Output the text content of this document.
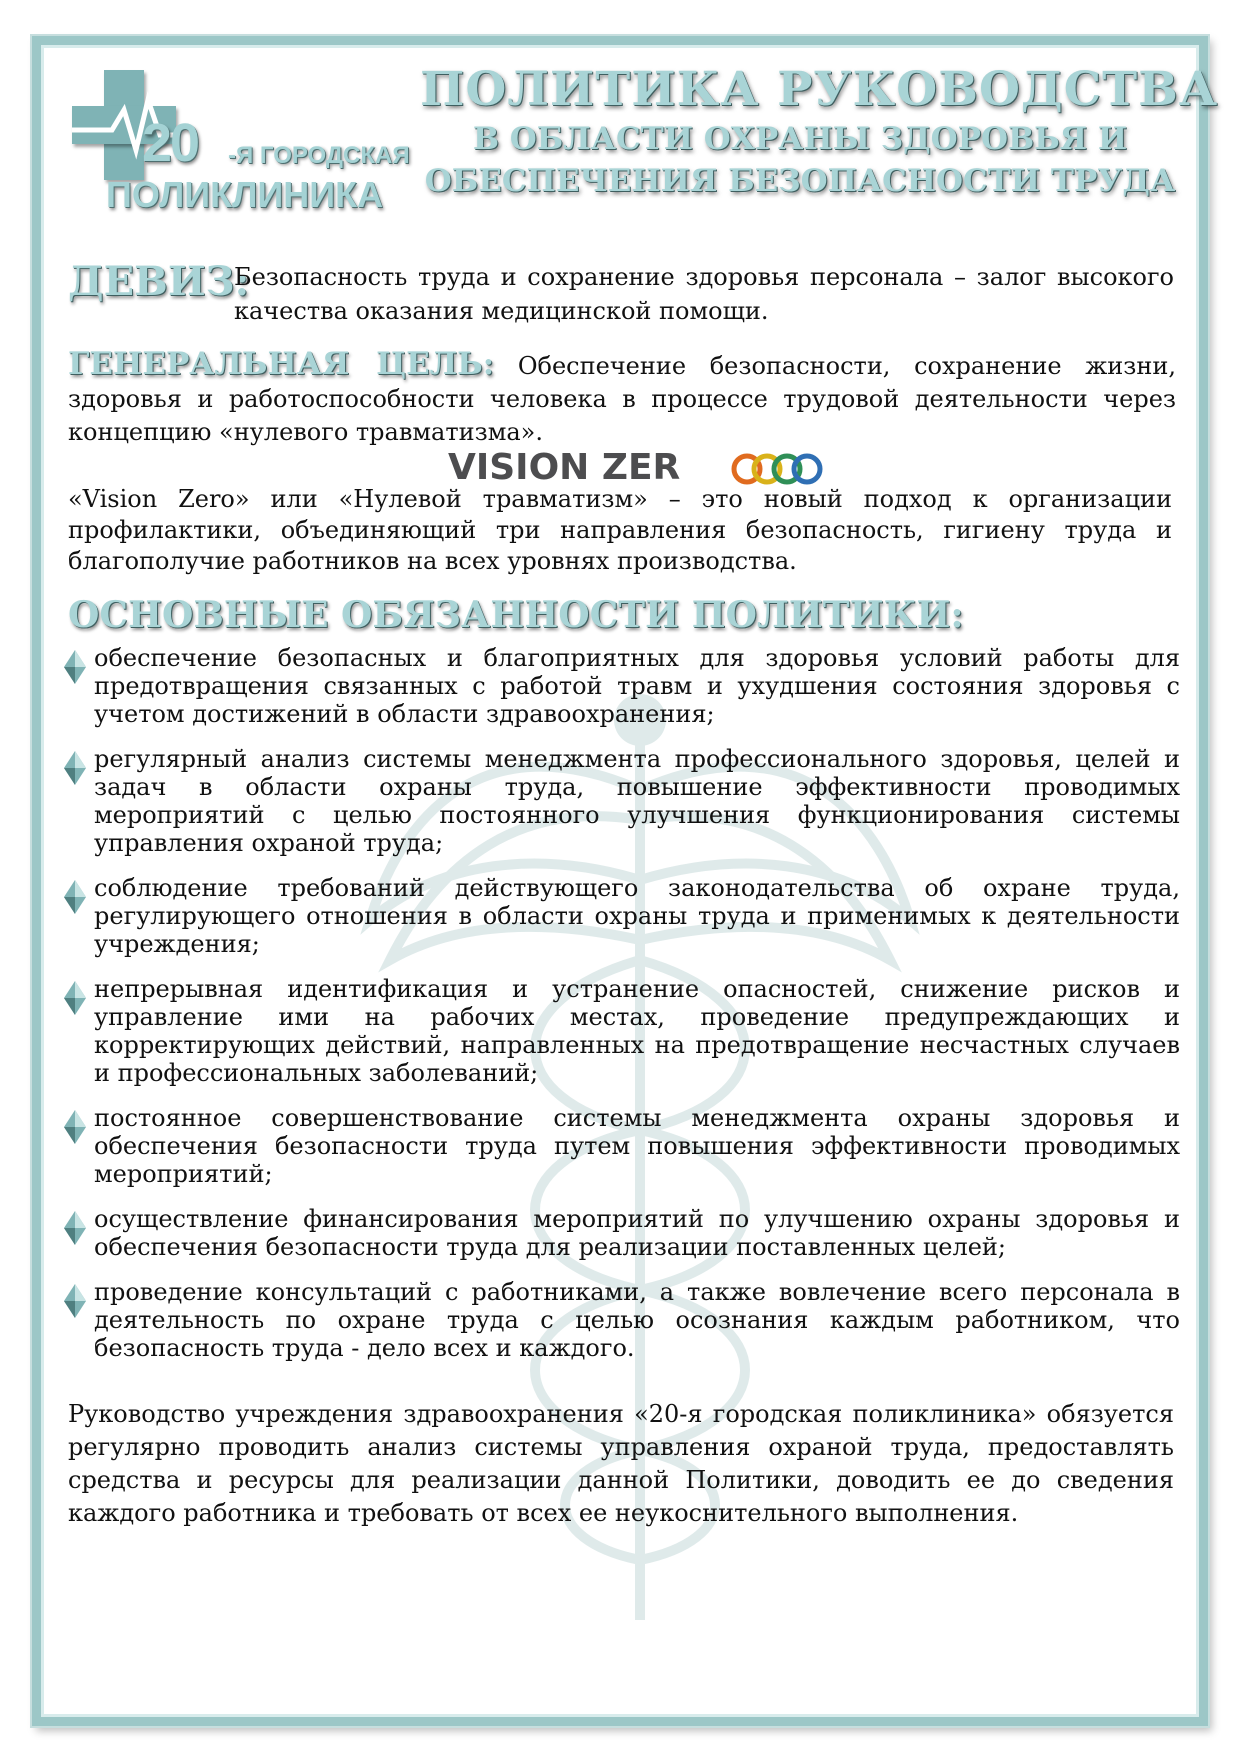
20 -Я ГОРОДСКАЯ
ПОЛИКЛИНИКА
ПОЛИТИКА РУКОВОДСТВА
В ОБЛАСТИ ОХРАНЫ ЗДОРОВЬЯ И
ОБЕСПЕЧЕНИЯ БЕЗОПАСНОСТИ ТРУДА
ДЕВИЗ:
Безопасность труда и сохранение здоровья персонала – залог высокого качества оказания медицинской помощи.
ГЕНЕРАЛЬНАЯ ЦЕЛЬ: Обеспечение безопасности, сохранение жизни, здоровья и работоспособности человека в процессе трудовой деятельности через концепцию «нулевого травматизма».
VISION ZER
«Vision Zero» или «Нулевой травматизм» – это новый подход к организации профилактики, объединяющий три направления безопасность, гигиену труда и благополучие работников на всех уровнях производства.
ОСНОВНЫЕ ОБЯЗАННОСТИ ПОЛИТИКИ:
обеспечение безопасных и благоприятных для здоровья условий работы для предотвращения связанных с работой травм и ухудшения состояния здоровья с учетом достижений в области здравоохранения;
регулярный анализ системы менеджмента профессионального здоровья, целей и задач в области охраны труда, повышение эффективности проводимых мероприятий с целью постоянного улучшения функционирования системы управления охраной труда;
соблюдение требований действующего законодательства об охране труда, регулирующего отношения в области охраны труда и применимых к деятельности учреждения;
непрерывная идентификация и устранение опасностей, снижение рисков и управление ими на рабочих местах, проведение предупреждающих и корректирующих действий, направленных на предотвращение несчастных случаев и профессиональных заболеваний;
постоянное совершенствование системы менеджмента охраны здоровья и обеспечения безопасности труда путем повышения эффективности проводимых мероприятий;
осуществление финансирования мероприятий по улучшению охраны здоровья и обеспечения безопасности труда для реализации поставленных целей;
проведение консультаций с работниками, а также вовлечение всего персонала в деятельность по охране труда с целью осознания каждым работником, что безопасность труда - дело всех и каждого.
Руководство учреждения здравоохранения «20-я городская поликлиника» обязуется регулярно проводить анализ системы управления охраной труда, предоставлять средства и ресурсы для реализации данной Политики, доводить ее до сведения каждого работника и требовать от всех ее неукоснительного выполнения.
